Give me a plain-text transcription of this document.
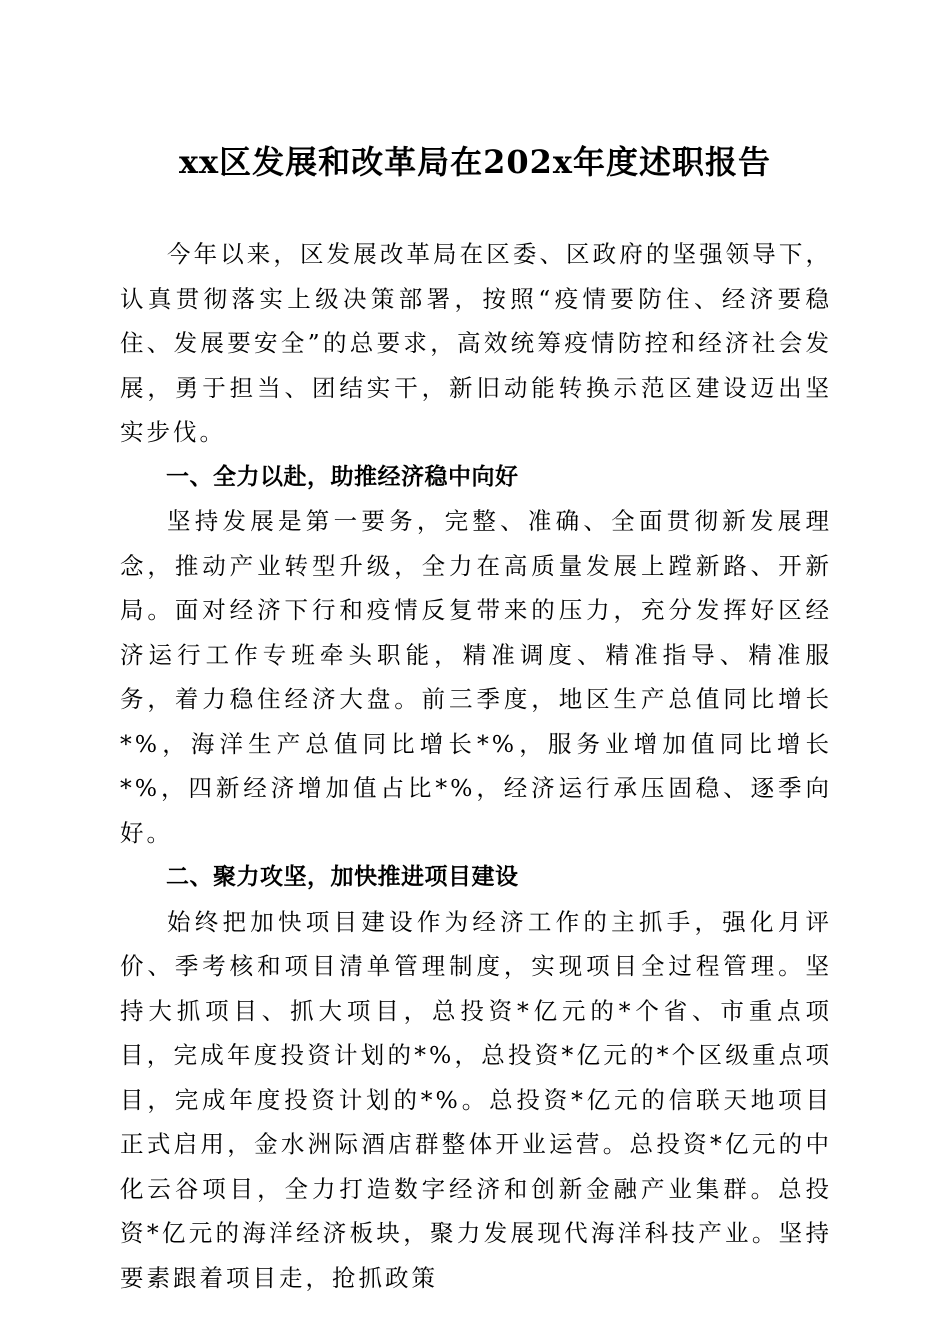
xx区发展和改革局在202x年度述职报告

今年以来，区发展改革局在区委、区政府的坚强领导下，认真贯彻落实上级决策部署，按照“疫情要防住、经济要稳住、发展要安全”的总要求，高效统筹疫情防控和经济社会发展，勇于担当、团结实干，新旧动能转换示范区建设迈出坚实步伐。

一、全力以赴，助推经济稳中向好

坚持发展是第一要务，完整、准确、全面贯彻新发展理念，推动产业转型升级，全力在高质量发展上蹚新路、开新局。面对经济下行和疫情反复带来的压力，充分发挥好区经济运行工作专班牵头职能，精准调度、精准指导、精准服务，着力稳住经济大盘。前三季度，地区生产总值同比增长*%，海洋生产总值同比增长*%，服务业增加值同比增长*%，四新经济增加值占比*%，经济运行承压固稳、逐季向好。

二、聚力攻坚，加快推进项目建设

始终把加快项目建设作为经济工作的主抓手，强化月评价、季考核和项目清单管理制度，实现项目全过程管理。坚持大抓项目、抓大项目，总投资*亿元的*个省、市重点项目，完成年度投资计划的*%，总投资*亿元的*个区级重点项目，完成年度投资计划的*%。总投资*亿元的信联天地项目正式启用，金水洲际酒店群整体开业运营。总投资*亿元的中化云谷项目，全力打造数字经济和创新金融产业集群。总投资*亿元的海洋经济板块，聚力发展现代海洋科技产业。坚持要素跟着项目走，抢抓政策
